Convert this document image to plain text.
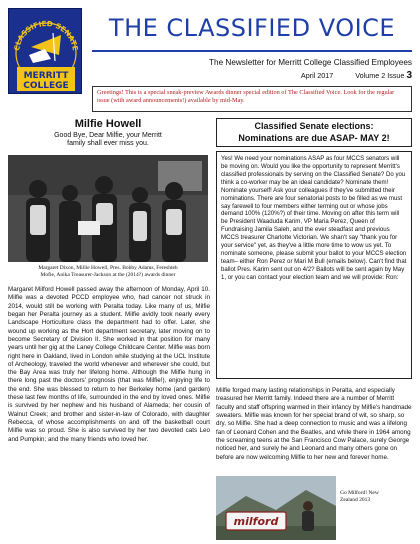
CLASSIFIED SENATE
MERRITT
COLLEGE
THE CLASSIFIED VOICE
The Newsletter for Merritt College Classified Employees
April 2017	Volume 2 Issue 3
Greetings! This is a special sneak-preview Awards dinner special edition of The Classified Voice. Look for the regular issue (with award announcements!) available by mid-May.
Milfie Howell
Good Bye, Dear Milfie, your Merritt
family shall ever miss you.
Margaret Dixon, Millie Howell, Pres. Bobby Adams, Fereshteh
Mofie, Anika Treasurer-Jackson at the (2014?) awards dinner
Margaret Milford Howell passed away the afternoon of Monday, April 10. Milfie was a devoted PCCD employee who, had cancer not struck in 2014, would still be working with Peralta today. Like many of us, Milfie began her Peralta journey as a student. Milfie avidly took nearly every Landscape Horticulture class the department had to offer. Later, she wound up working as the Hort department secretary, later moving on to become Secretary of Division II. She worked in that position for many years until her gig at the Laney College Childcare Center. Milfie was born right here in Oakland, lived in London while studying at the UCL Institute of Archeology, traveled the world whenever and wherever she could, but the Bay Area was truly her lifelong home. Although the Milfie hung in there long past the doctors' prognosis (that was Milfie!), enjoying life to the end. She was blessed to return to her Berkeley home (and garden) these last few months of life, surrounded in the end by loved ones. Milfie is survived by her nephew and his husband of Alameda; her cousin of Walnut Creek; and brother and sister-in-law of Colorado, with daughter Rebecca, of whose accomplishments on and off the basketball court Milfie was so proud. She is also survived by her two devoted cats Leo and Pumpkin; and the many friends who loved her.
Classified Senate elections:
Nominations are due ASAP- MAY 2!
Yes! We need your nominations ASAP as four MCCS senators will be moving on. Would you like the opportunity to represent Merritt's classified professionals by serving on the Classified Senate? Do you think a co-worker may be an ideal candidate? Nominate them! Nominate yourself! Ask your colleagues if they've submitted their nominations. There are four senatorial posts to be filled as we must say farewell to four members either terming out or whose jobs demand 100% (120%?) of their time. Moving on after this term will be President Waaduda Karim, VP Maria Perez, Queen of Fundraising Jamila Saleh, and the ever steadfast and previous MCCS treasurer Charlotte Victorian. We shan't say "thank you for your service" yet, as they've a little more time to wow us yet. To nominate someone, please submit your ballot to your MCCS election team– either Ron Perez or Mari M Bull (emails below). Can't find that ballot Pres. Karim sent out on 4/2? Ballots will be sent again by May 1, or you can contact your election team and we will provide: Ron:
Milfie forged many lasting relationships in Peralta, and especially treasured her Merritt family. Indeed there are a number of Merritt faculty and staff offspring warmed in their infancy by Milfie's handmade sweaters. Milfie was known for her special brand of wit, so sharp, so dry, so Milfie. She had a deep connection to music and was a lifelong fan of Leonard Cohen and the Beatles, and while there in 1964 among the screaming teens at the San Francisco Cow Palace, surely George noticed her, and surely he and Leonard and many others gone on before are now welcoming Milfie to her new and forever home.
milford
Go Milford! New
Zealand 2013
